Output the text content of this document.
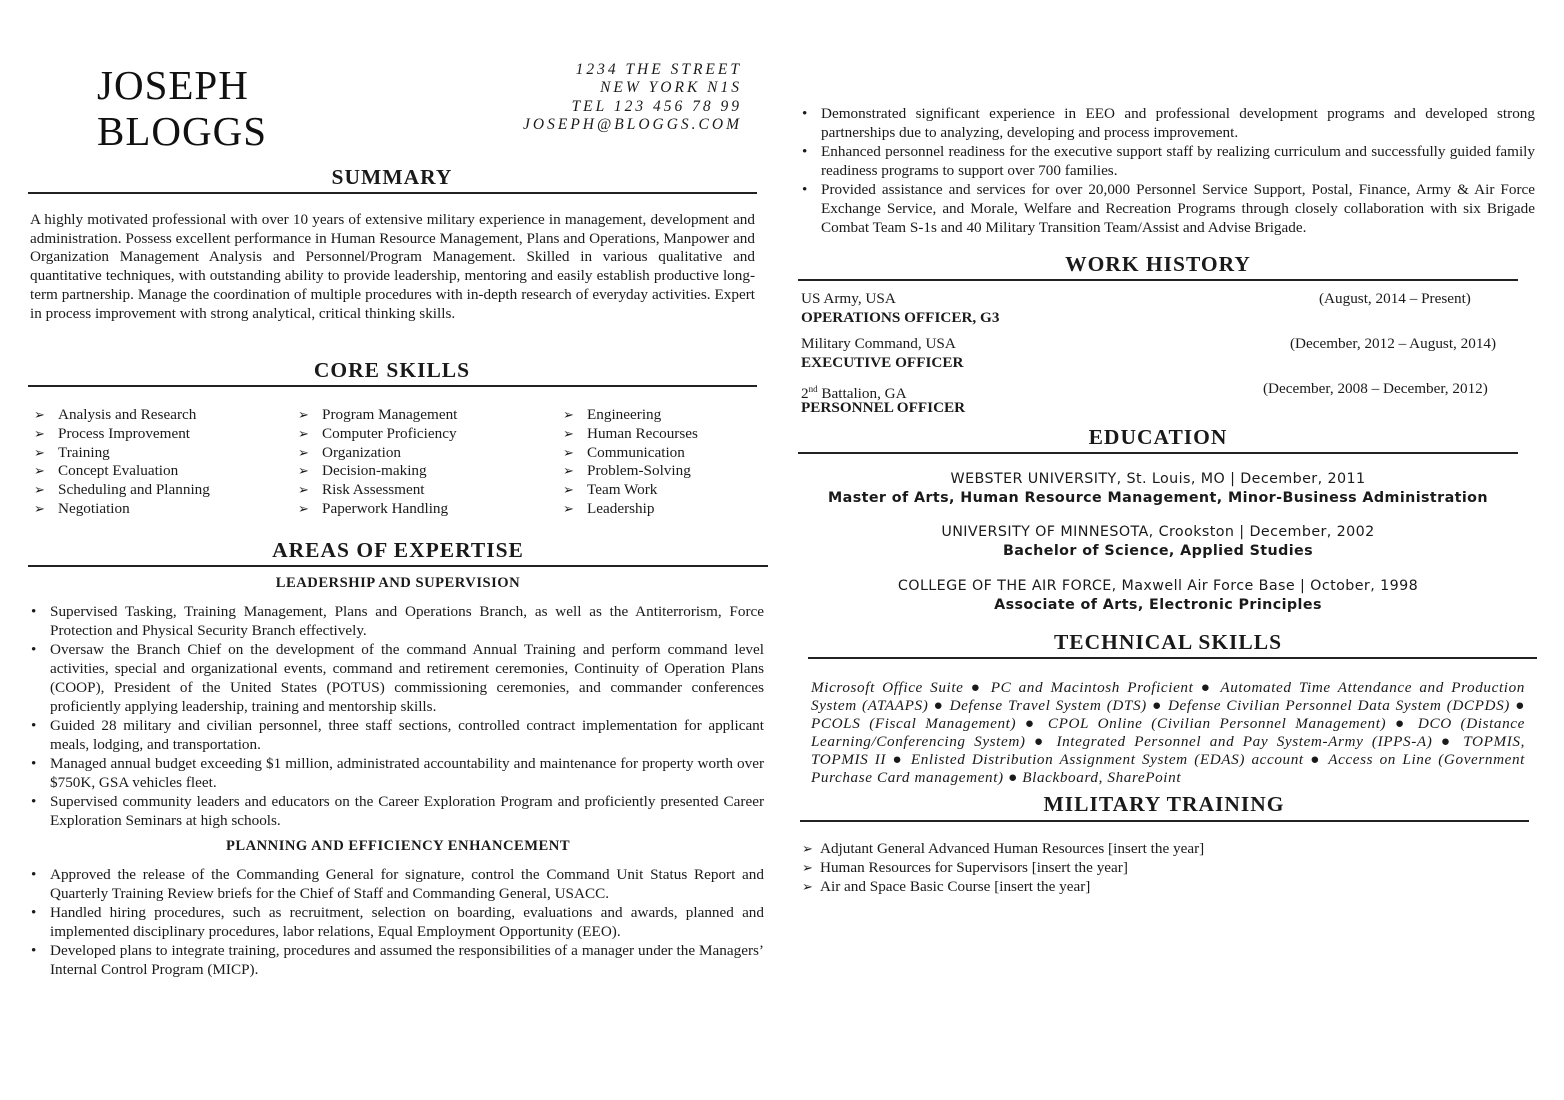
JOSEPH
BLOGGS
1234 THE STREET
NEW YORK N1S
TEL 123 456 78 99
JOSEPH@BLOGGS.COM
SUMMARY
A highly motivated professional with over 10 years of extensive military experience in management, development and administration. Possess excellent performance in Human Resource Management, Plans and Operations, Manpower and Organization Management Analysis and Personnel/Program Management. Skilled in various qualitative and quantitative techniques, with outstanding ability to provide leadership, mentoring and easily establish productive long-term partnership. Manage the coordination of multiple procedures with in-depth research of everyday activities. Expert in process improvement with strong analytical, critical thinking skills.
CORE SKILLS
➢ Analysis and Research
➢ Process Improvement
➢ Training
➢ Concept Evaluation
➢ Scheduling and Planning
➢ Negotiation
➢ Program Management
➢ Computer Proficiency
➢ Organization
➢ Decision-making
➢ Risk Assessment
➢ Paperwork Handling
➢ Engineering
➢ Human Recourses
➢ Communication
➢ Problem-Solving
➢ Team Work
➢ Leadership
AREAS OF EXPERTISE
LEADERSHIP AND SUPERVISION
• Supervised Tasking, Training Management, Plans and Operations Branch, as well as the Antiterrorism, Force Protection and Physical Security Branch effectively.
• Oversaw the Branch Chief on the development of the command Annual Training and perform command level activities, special and organizational events, command and retirement ceremonies, Continuity of Operation Plans (COOP), President of the United States (POTUS) commissioning ceremonies, and commander conferences proficiently applying leadership, training and mentorship skills.
• Guided 28 military and civilian personnel, three staff sections, controlled contract implementation for applicant meals, lodging, and transportation.
• Managed annual budget exceeding $1 million, administrated accountability and maintenance for property worth over $750K, GSA vehicles fleet.
• Supervised community leaders and educators on the Career Exploration Program and proficiently presented Career Exploration Seminars at high schools.
PLANNING AND EFFICIENCY ENHANCEMENT
• Approved the release of the Commanding General for signature, control the Command Unit Status Report and Quarterly Training Review briefs for the Chief of Staff and Commanding General, USACC.
• Handled hiring procedures, such as recruitment, selection on boarding, evaluations and awards, planned and implemented disciplinary procedures, labor relations, Equal Employment Opportunity (EEO).
• Developed plans to integrate training, procedures and assumed the responsibilities of a manager under the Managers’ Internal Control Program (MICP).
• Demonstrated significant experience in EEO and professional development programs and developed strong partnerships due to analyzing, developing and process improvement.
• Enhanced personnel readiness for the executive support staff by realizing curriculum and successfully guided family readiness programs to support over 700 families.
• Provided assistance and services for over 20,000 Personnel Service Support, Postal, Finance, Army & Air Force Exchange Service, and Morale, Welfare and Recreation Programs through closely collaboration with six Brigade Combat Team S-1s and 40 Military Transition Team/Assist and Advise Brigade.
WORK HISTORY
US Army, USA	(August, 2014 – Present)
OPERATIONS OFFICER, G3
Military Command, USA	(December, 2012 – August, 2014)
EXECUTIVE OFFICER
2nd Battalion, GA	(December, 2008 – December, 2012)
PERSONNEL OFFICER
EDUCATION
WEBSTER UNIVERSITY, St. Louis, MO | December, 2011
Master of Arts, Human Resource Management, Minor-Business Administration
UNIVERSITY OF MINNESOTA, Crookston | December, 2002
Bachelor of Science, Applied Studies
COLLEGE OF THE AIR FORCE, Maxwell Air Force Base | October, 1998
Associate of Arts, Electronic Principles
TECHNICAL SKILLS
Microsoft Office Suite ● PC and Macintosh Proficient ● Automated Time Attendance and Production System (ATAAPS) ● Defense Travel System (DTS) ● Defense Civilian Personnel Data System (DCPDS) ● PCOLS (Fiscal Management) ● CPOL Online (Civilian Personnel Management) ● DCO (Distance Learning/Conferencing System) ● Integrated Personnel and Pay System-Army (IPPS-A) ● TOPMIS, TOPMIS II ● Enlisted Distribution Assignment System (EDAS) account ● Access on Line (Government Purchase Card management) ● Blackboard, SharePoint
MILITARY TRAINING
➢ Adjutant General Advanced Human Resources [insert the year]
➢ Human Resources for Supervisors [insert the year]
➢ Air and Space Basic Course [insert the year]
